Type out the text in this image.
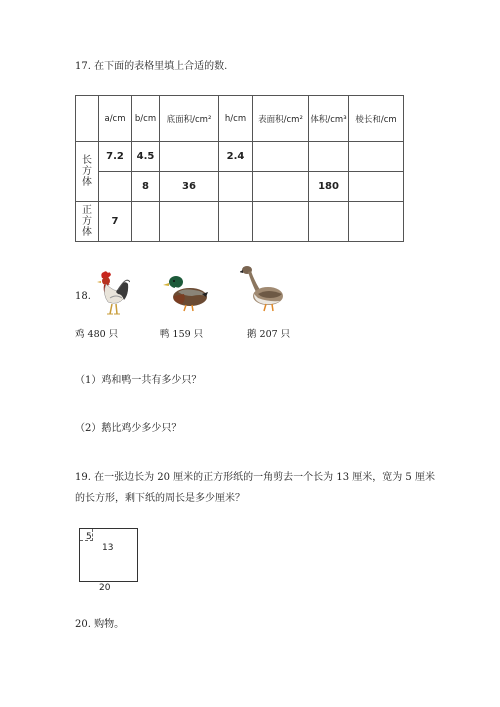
17. 在下面的表格里填上合适的数.
	a/cm	b/cm	底面积/cm²	h/cm	表面积/cm²	体积/cm³	棱长和/cm

长方体	7.2	4.5		2.4			
		8	36			180	

正方体	7						
18.
鸡 480 只	鸭 159 只	鹅 207 只
（1）鸡和鸭一共有多少只？
（2）鹅比鸡少多少只？
19. 在一张边长为 20 厘米的正方形纸的一角剪去一个长为 13 厘米，宽为 5 厘米
的长方形，剩下纸的周长是多少厘米？
5
13
20
20. 购物。
